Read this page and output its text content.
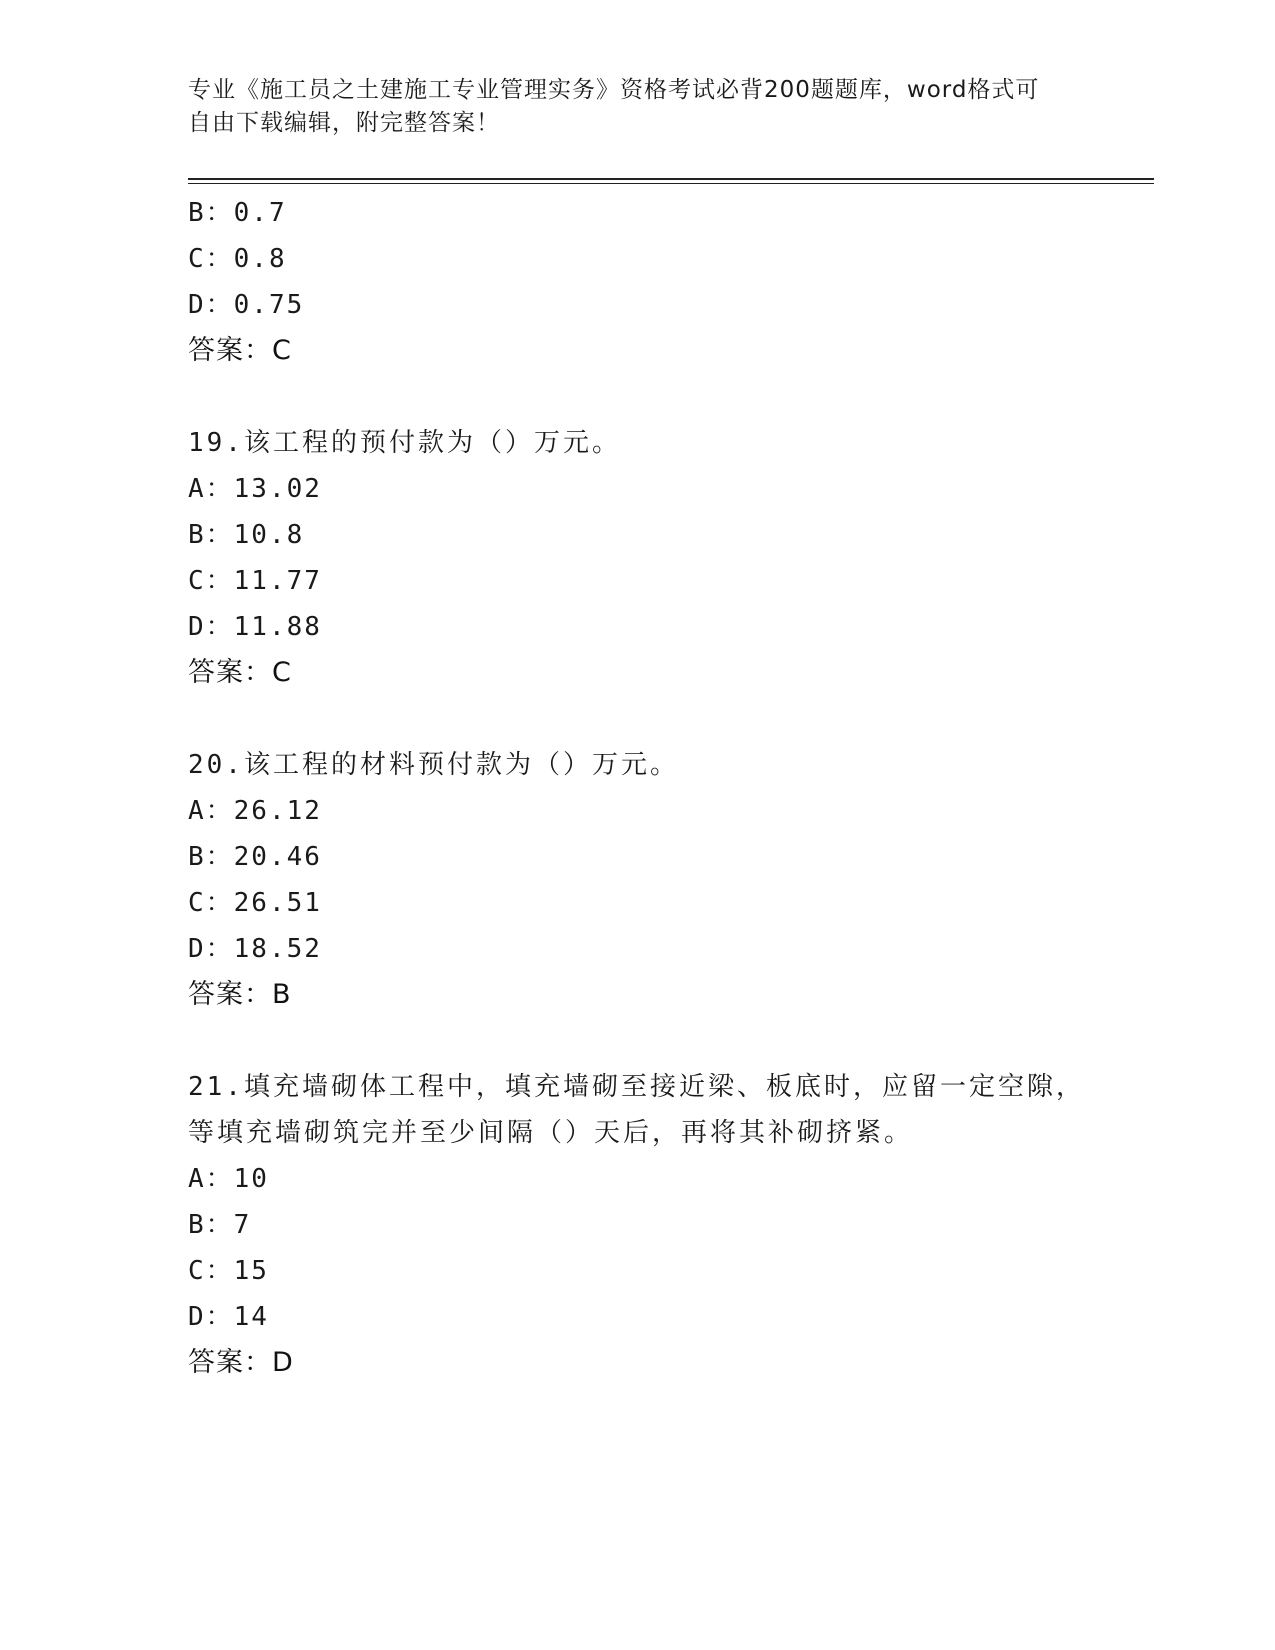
专业《施工员之土建施工专业管理实务》资格考试必背200题题库，word格式可
自由下载编辑，附完整答案！
B：0.7
C：0.8
D：0.75
答案：C
19.该工程的预付款为（）万元。
A：13.02
B：10.8
C：11.77
D：11.88
答案：C
20.该工程的材料预付款为（）万元。
A：26.12
B：20.46
C：26.51
D：18.52
答案：B
21.填充墙砌体工程中，填充墙砌至接近梁、板底时，应留一定空隙，
等填充墙砌筑完并至少间隔（）天后，再将其补砌挤紧。
A：10
B：7
C：15
D：14
答案：D
